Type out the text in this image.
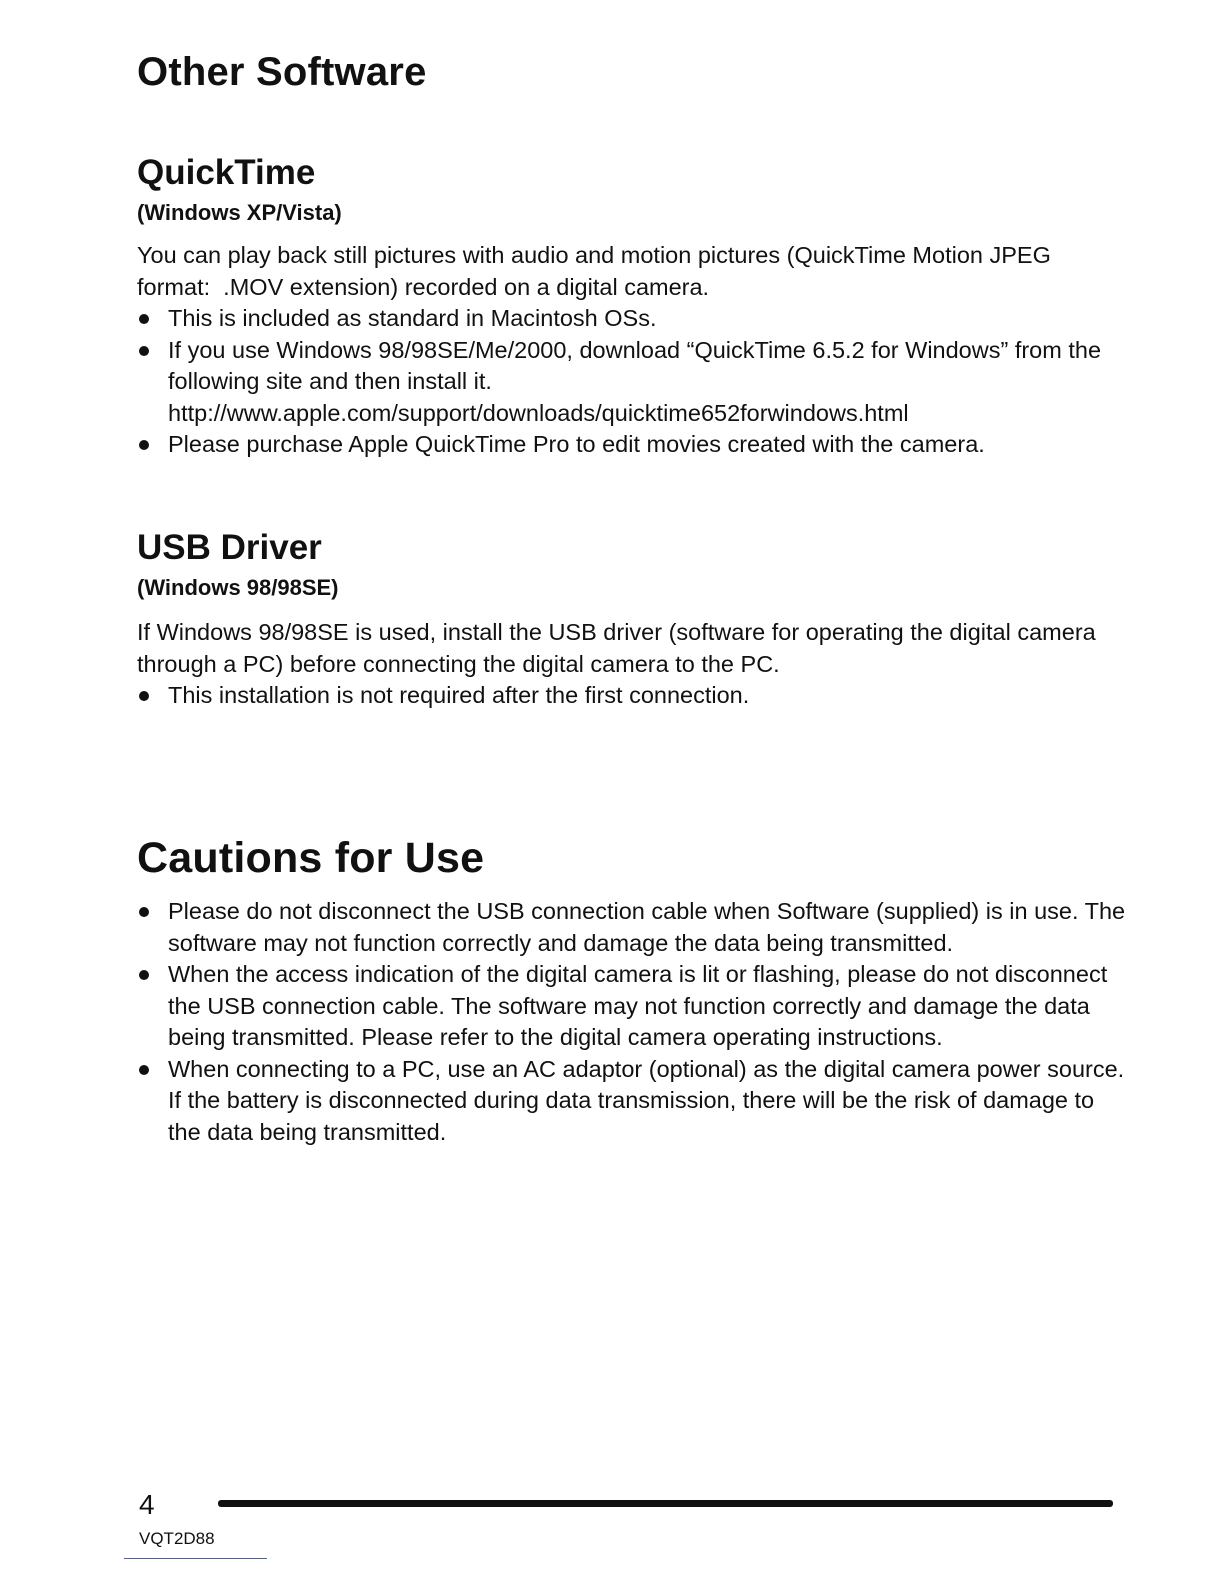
Other Software
QuickTime
(Windows XP/Vista)

You can play back still pictures with audio and motion pictures (QuickTime Motion JPEG format:  .MOV extension) recorded on a digital camera.

This is included as standard in Macintosh OSs.
If you use Windows 98/98SE/Me/2000, download “QuickTime 6.5.2 for Windows” from the following site and then install it.
http://www.apple.com/support/downloads/quicktime652forwindows.html
Please purchase Apple QuickTime Pro to edit movies created with the camera.
USB Driver
(Windows 98/98SE)

If Windows 98/98SE is used, install the USB driver (software for operating the digital camera through a PC) before connecting the digital camera to the PC.

This installation is not required after the first connection.
Cautions for Use
Please do not disconnect the USB connection cable when Software (supplied) is in use. The software may not function correctly and damage the data being transmitted.
When the access indication of the digital camera is lit or flashing, please do not disconnect the USB connection cable. The software may not function correctly and damage the data being transmitted. Please refer to the digital camera operating instructions.
When connecting to a PC, use an AC adaptor (optional) as the digital camera power source. If the battery is disconnected during data transmission, there will be the risk of damage to the data being transmitted.
4
VQT2D88
